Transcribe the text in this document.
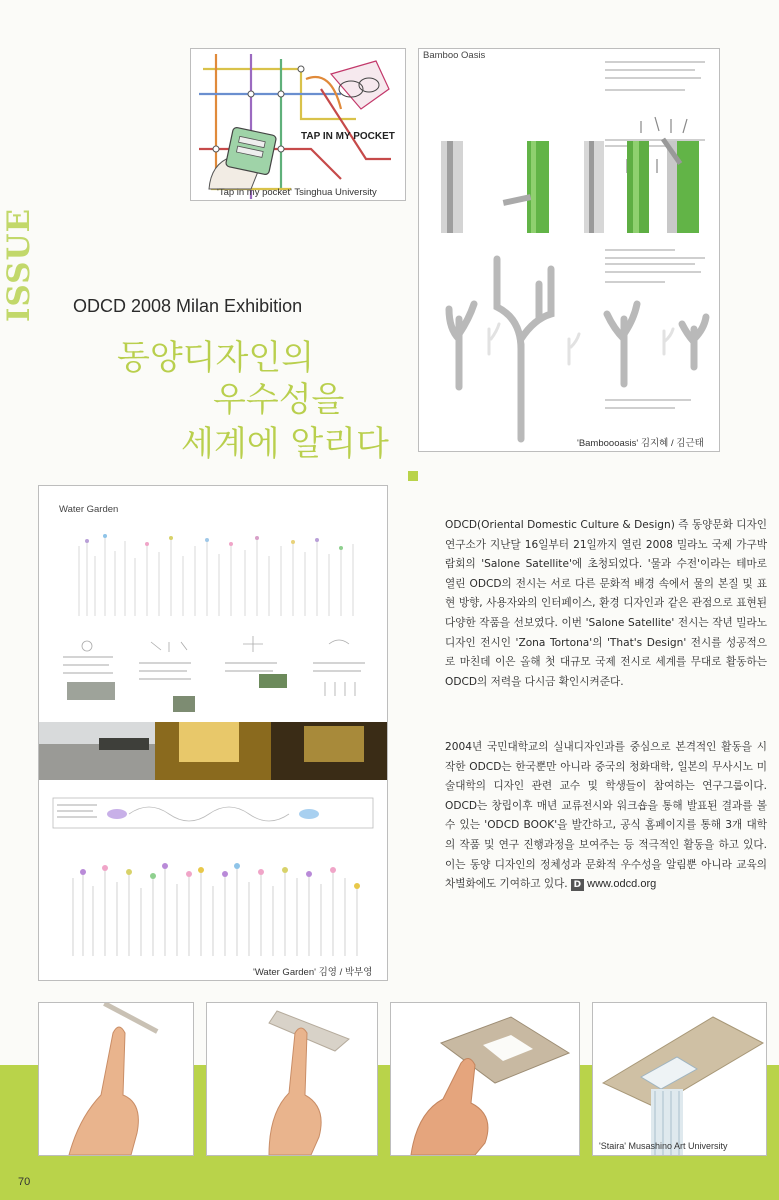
ISSUE
TAP IN MY POCKET
'Tap in my pocket' Tsinghua University
Bamboo Oasis
'Bamboooasis' 김지혜 / 김근태
ODCD 2008 Milan Exhibition
동양디자인의
우수성을
세계에 알리다
Water Garden
'Water Garden' 김영 / 박부영

ODCD(Oriental Domestic Culture & Design) 즉 동양문화 디자인 연구소가 지난달 16일부터 21일까지 열린 2008 밀라노 국제 가구박람회의 'Salone Satellite'에 초청되었다. '물과 수전'이라는 테마로 열린 ODCD의 전시는 서로 다른 문화적 배경 속에서 물의 본질 및 표현 방향, 사용자와의 인터페이스, 환경 디자인과 같은 관점으로 표현된 다양한 작품을 선보였다. 이번 'Salone Satellite' 전시는 작년 밀라노 디자인 전시인 'Zona Tortona'의 'That's Design' 전시를 성공적으로 마친데 이은 올해 첫 대규모 국제 전시로 세계를 무대로 활동하는 ODCD의 저력을 다시금 확인시켜준다.

2004년 국민대학교의 실내디자인과를 중심으로 본격적인 활동을 시작한 ODCD는 한국뿐만 아니라 중국의 청화대학, 일본의 무사시노 미술대학의 디자인 관련 교수 및 학생들이 참여하는 연구그룹이다. ODCD는 창립이후 매년 교류전시와 워크숍을 통해 발표된 결과를 볼 수 있는 'ODCD BOOK'을 발간하고, 공식 홈페이지를 통해 3개 대학의 작품 및 연구 진행과정을 보여주는 등 적극적인 활동을 하고 있다. 이는 동양 디자인의 정체성과 문화적 우수성을 알림뿐 아니라 교육의 차별화에도 기여하고 있다. D www.odcd.org

'Staira' Musashino Art University
70
